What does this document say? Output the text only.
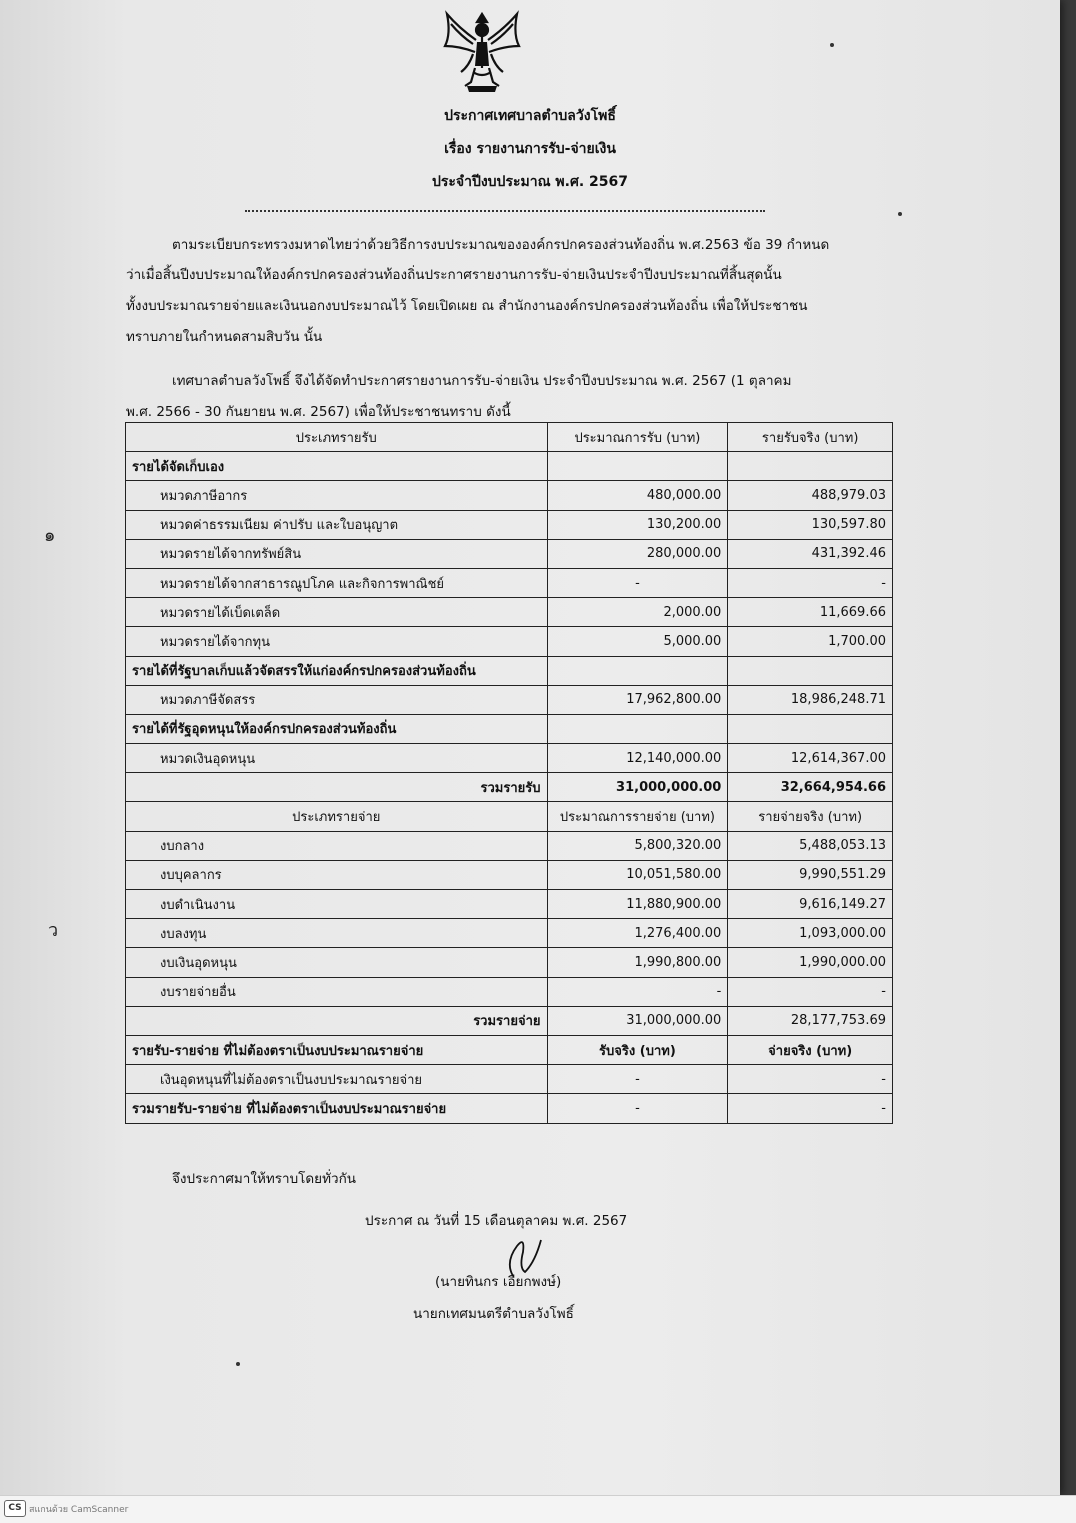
ประกาศเทศบาลตำบลวังโพธิ์
เรื่อง รายงานการรับ-จ่ายเงิน
ประจำปีงบประมาณ พ.ศ. 2567
ตามระเบียบกระทรวงมหาดไทยว่าด้วยวิธีการงบประมาณขององค์กรปกครองส่วนท้องถิ่น พ.ศ.2563 ข้อ 39 กำหนด
ว่าเมื่อสิ้นปีงบประมาณให้องค์กรปกครองส่วนท้องถิ่นประกาศรายงานการรับ-จ่ายเงินประจำปีงบประมาณที่สิ้นสุดนั้น
ทั้งงบประมาณรายจ่ายและเงินนอกงบประมาณไว้ โดยเปิดเผย ณ สำนักงานองค์กรปกครองส่วนท้องถิ่น เพื่อให้ประชาชน
ทราบภายในกำหนดสามสิบวัน นั้น
เทศบาลตำบลวังโพธิ์ จึงได้จัดทำประกาศรายงานการรับ-จ่ายเงิน ประจำปีงบประมาณ พ.ศ. 2567 (1 ตุลาคม
พ.ศ. 2566 - 30 กันยายน พ.ศ. 2567) เพื่อให้ประชาชนทราบ ดังนี้
ประเภทรายรับ	ประมาณการรับ (บาท)	รายรับจริง (บาท)
รายได้จัดเก็บเอง		
หมวดภาษีอากร	480,000.00	488,979.03
หมวดค่าธรรมเนียม ค่าปรับ และใบอนุญาต	130,200.00	130,597.80
หมวดรายได้จากทรัพย์สิน	280,000.00	431,392.46
หมวดรายได้จากสาธารณูปโภค และกิจการพาณิชย์	-	-
หมวดรายได้เบ็ดเตล็ด	2,000.00	11,669.66
หมวดรายได้จากทุน	5,000.00	1,700.00
รายได้ที่รัฐบาลเก็บแล้วจัดสรรให้แก่องค์กรปกครองส่วนท้องถิ่น		
หมวดภาษีจัดสรร	17,962,800.00	18,986,248.71
รายได้ที่รัฐอุดหนุนให้องค์กรปกครองส่วนท้องถิ่น		
หมวดเงินอุดหนุน	12,140,000.00	12,614,367.00
รวมรายรับ	31,000,000.00	32,664,954.66
ประเภทรายจ่าย	ประมาณการรายจ่าย (บาท)	รายจ่ายจริง (บาท)
งบกลาง	5,800,320.00	5,488,053.13
งบบุคลากร	10,051,580.00	9,990,551.29
งบดำเนินงาน	11,880,900.00	9,616,149.27
งบลงทุน	1,276,400.00	1,093,000.00
งบเงินอุดหนุน	1,990,800.00	1,990,000.00
งบรายจ่ายอื่น	-	-
รวมรายจ่าย	31,000,000.00	28,177,753.69
รายรับ-รายจ่าย ที่ไม่ต้องตราเป็นงบประมาณรายจ่าย	รับจริง (บาท)	จ่ายจริง (บาท)
เงินอุดหนุนที่ไม่ต้องตราเป็นงบประมาณรายจ่าย	-	-
รวมรายรับ-รายจ่าย ที่ไม่ต้องตราเป็นงบประมาณรายจ่าย	-	-
จึงประกาศมาให้ทราบโดยทั่วกัน
ประกาศ ณ วันที่ 15 เดือนตุลาคม พ.ศ. 2567
(นายทินกร เอียกพงษ์)
นายกเทศมนตรีตำบลวังโพธิ์
๑
ว
CS สแกนด้วย CamScanner
